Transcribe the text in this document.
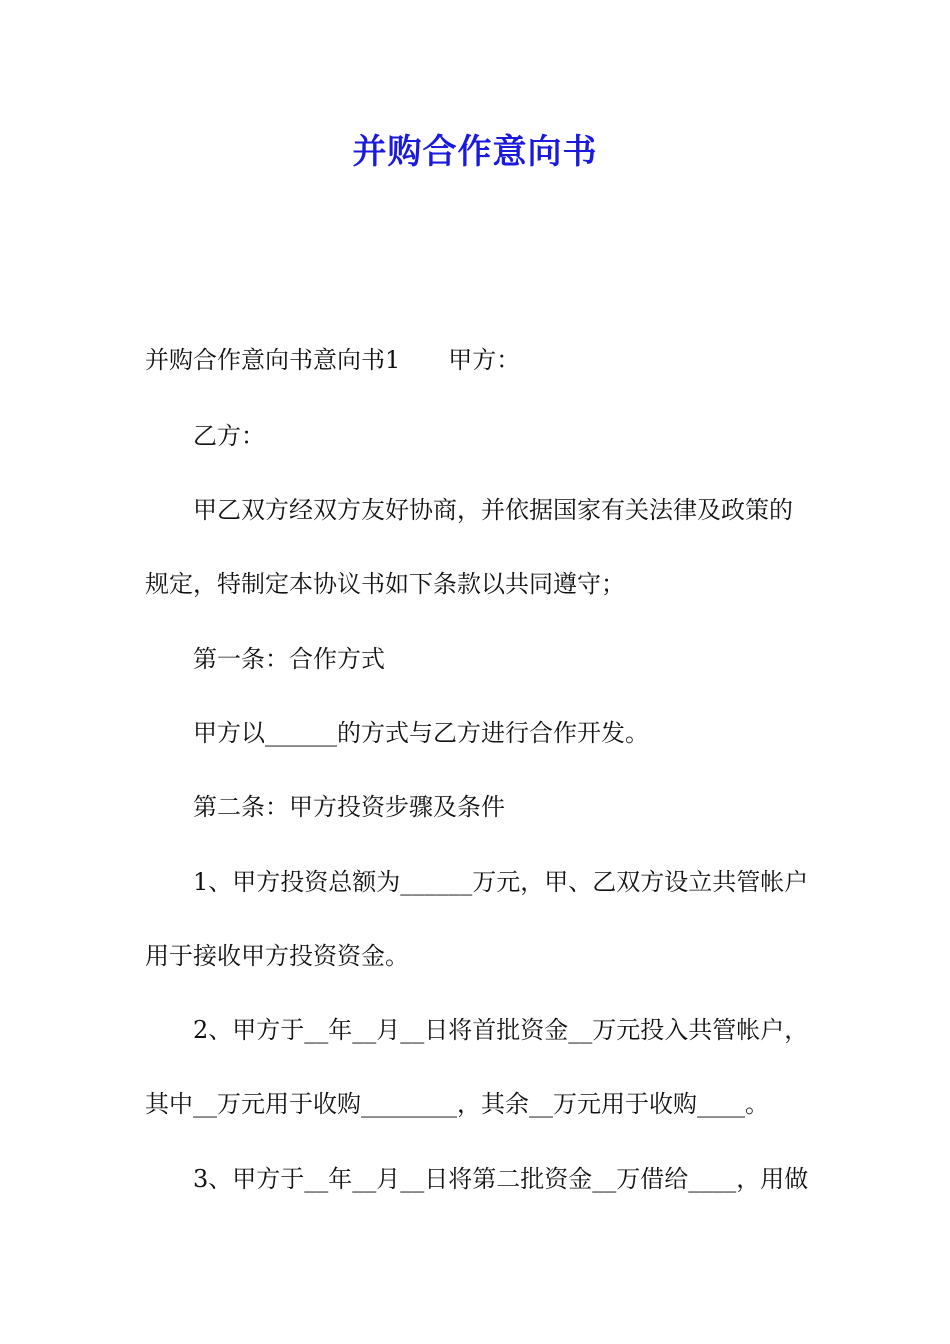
并购合作意向书
并购合作意向书意向书1 甲方：
乙方：
甲乙双方经双方友好协商，并依据国家有关法律及政策的
规定，特制定本协议书如下条款以共同遵守；
第一条：合作方式
甲方以______的方式与乙方进行合作开发。
第二条：甲方投资步骤及条件
1、甲方投资总额为______万元，甲、乙双方设立共管帐户
用于接收甲方投资资金。
2、甲方于__年__月__日将首批资金__万元投入共管帐户，
其中__万元用于收购________，其余__万元用于收购____。
3、甲方于__年__月__日将第二批资金__万借给____，用做
